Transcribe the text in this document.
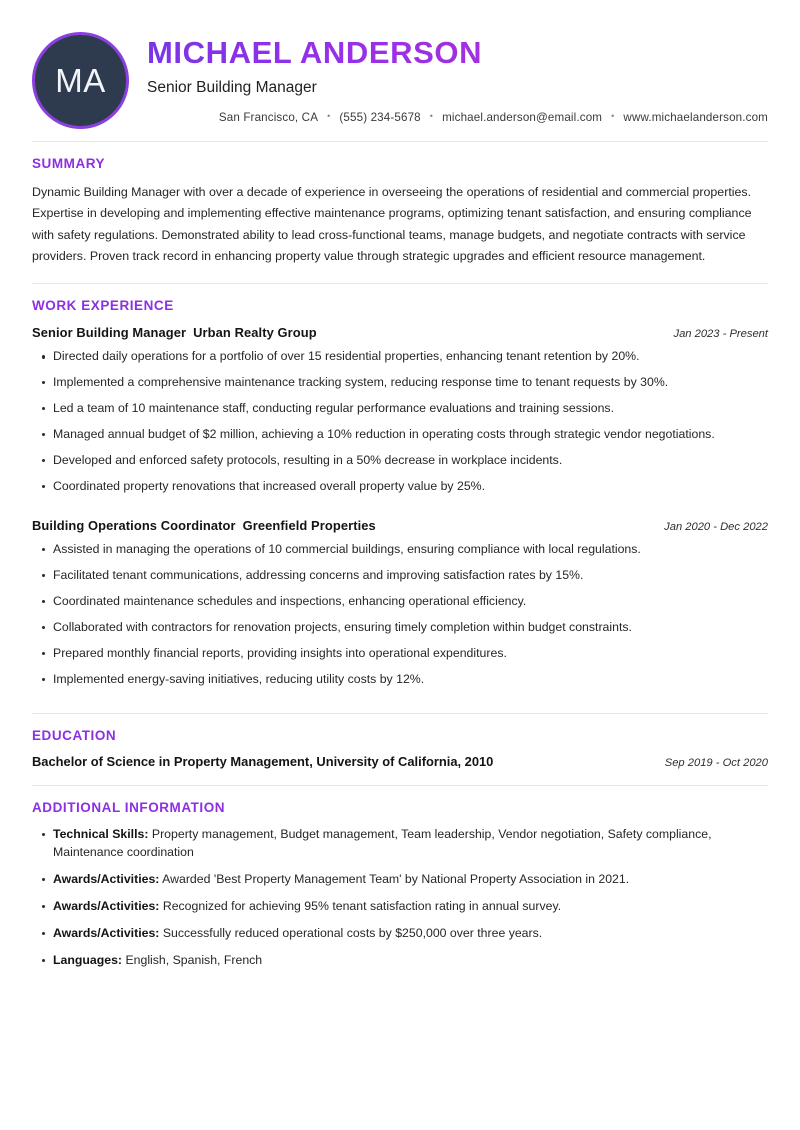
MA
MICHAEL ANDERSON
Senior Building Manager
San Francisco, CA	• (555) 234-5678	• michael.anderson@email.com	• www.michaelanderson.com
SUMMARY

Dynamic Building Manager with over a decade of experience in overseeing the operations of residential and commercial properties. Expertise in developing and implementing effective maintenance programs, optimizing tenant satisfaction, and ensuring compliance with safety regulations. Demonstrated ability to lead cross-functional teams, manage budgets, and negotiate contracts with service providers. Proven track record in enhancing property value through strategic upgrades and efficient resource management.

WORK EXPERIENCE
Senior Building Manager Urban Realty Group	Jan 2023 - Present
Directed daily operations for a portfolio of over 15 residential properties, enhancing tenant retention by 20%.
Implemented a comprehensive maintenance tracking system, reducing response time to tenant requests by 30%.
Led a team of 10 maintenance staff, conducting regular performance evaluations and training sessions.
Managed annual budget of $2 million, achieving a 10% reduction in operating costs through strategic vendor negotiations.
Developed and enforced safety protocols, resulting in a 50% decrease in workplace incidents.
Coordinated property renovations that increased overall property value by 25%.
Building Operations Coordinator Greenfield Properties	Jan 2020 - Dec 2022
Assisted in managing the operations of 10 commercial buildings, ensuring compliance with local regulations.
Facilitated tenant communications, addressing concerns and improving satisfaction rates by 15%.
Coordinated maintenance schedules and inspections, enhancing operational efficiency.
Collaborated with contractors for renovation projects, ensuring timely completion within budget constraints.
Prepared monthly financial reports, providing insights into operational expenditures.
Implemented energy-saving initiatives, reducing utility costs by 12%.
EDUCATION
Bachelor of Science in Property Management, University of California, 2010	Sep 2019 - Oct 2020
ADDITIONAL INFORMATION
Technical Skills: Property management, Budget management, Team leadership, Vendor negotiation, Safety compliance, Maintenance coordination
Awards/Activities: Awarded 'Best Property Management Team' by National Property Association in 2021.
Awards/Activities: Recognized for achieving 95% tenant satisfaction rating in annual survey.
Awards/Activities: Successfully reduced operational costs by $250,000 over three years.
Languages: English, Spanish, French
